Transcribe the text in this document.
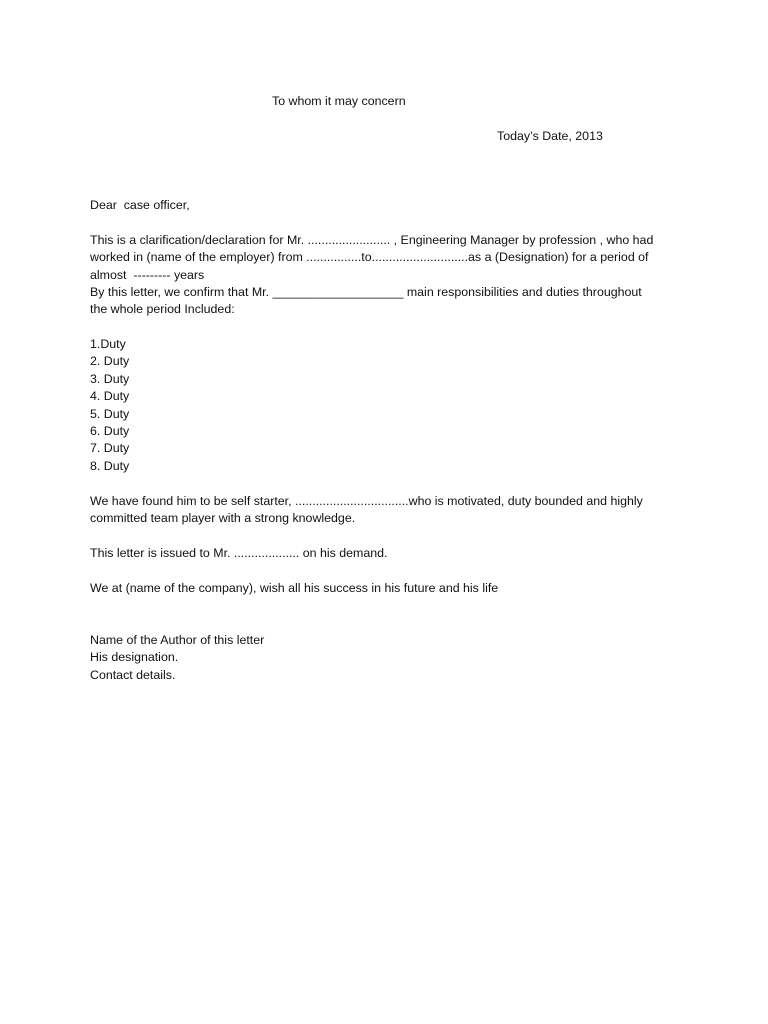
To whom it may concern
Today’s Date, 2013
Dear  case officer,

This is a clarification/declaration for Mr. ........................ , Engineering Manager by profession , who had

worked in (name of the employer) from ................to............................as a (Designation) for a period of

almost  --------- years

By this letter, we confirm that Mr. ___________________ main responsibilities and duties throughout

the whole period Included:

1.Duty
2. Duty
3. Duty
4. Duty
5. Duty
6. Duty
7. Duty
8. Duty

We have found him to be self starter, .................................who is motivated, duty bounded and highly

committed team player with a strong knowledge.

This letter is issued to Mr. ................... on his demand.

We at (name of the company), wish all his success in his future and his life

Name of the Author of this letter
His designation.
Contact details.
